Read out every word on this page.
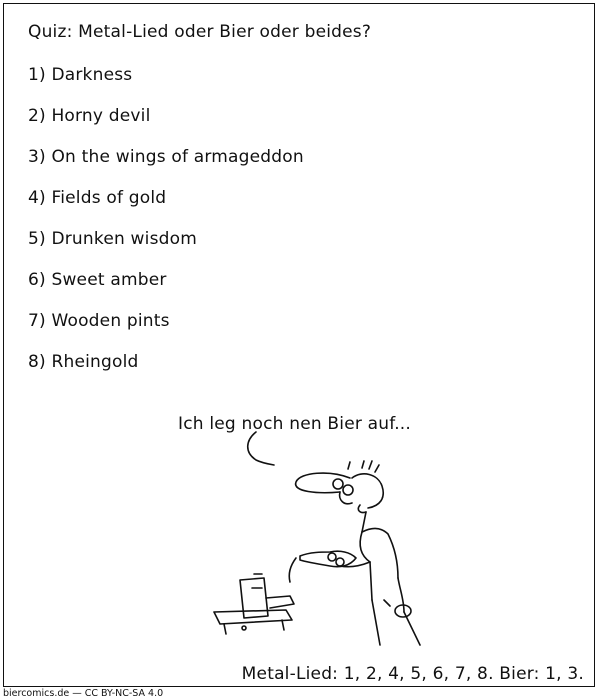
Quiz: Metal-Lied oder Bier oder beides?
1) Darkness
2) Horny devil
3) On the wings of armageddon
4) Fields of gold
5) Drunken wisdom
6) Sweet amber
7) Wooden pints
8) Rheingold
Ich leg noch nen Bier auf...
Metal-Lied: 1, 2, 4, 5, 6, 7, 8. Bier: 1, 3.
biercomics.de — CC BY-NC-SA 4.0
